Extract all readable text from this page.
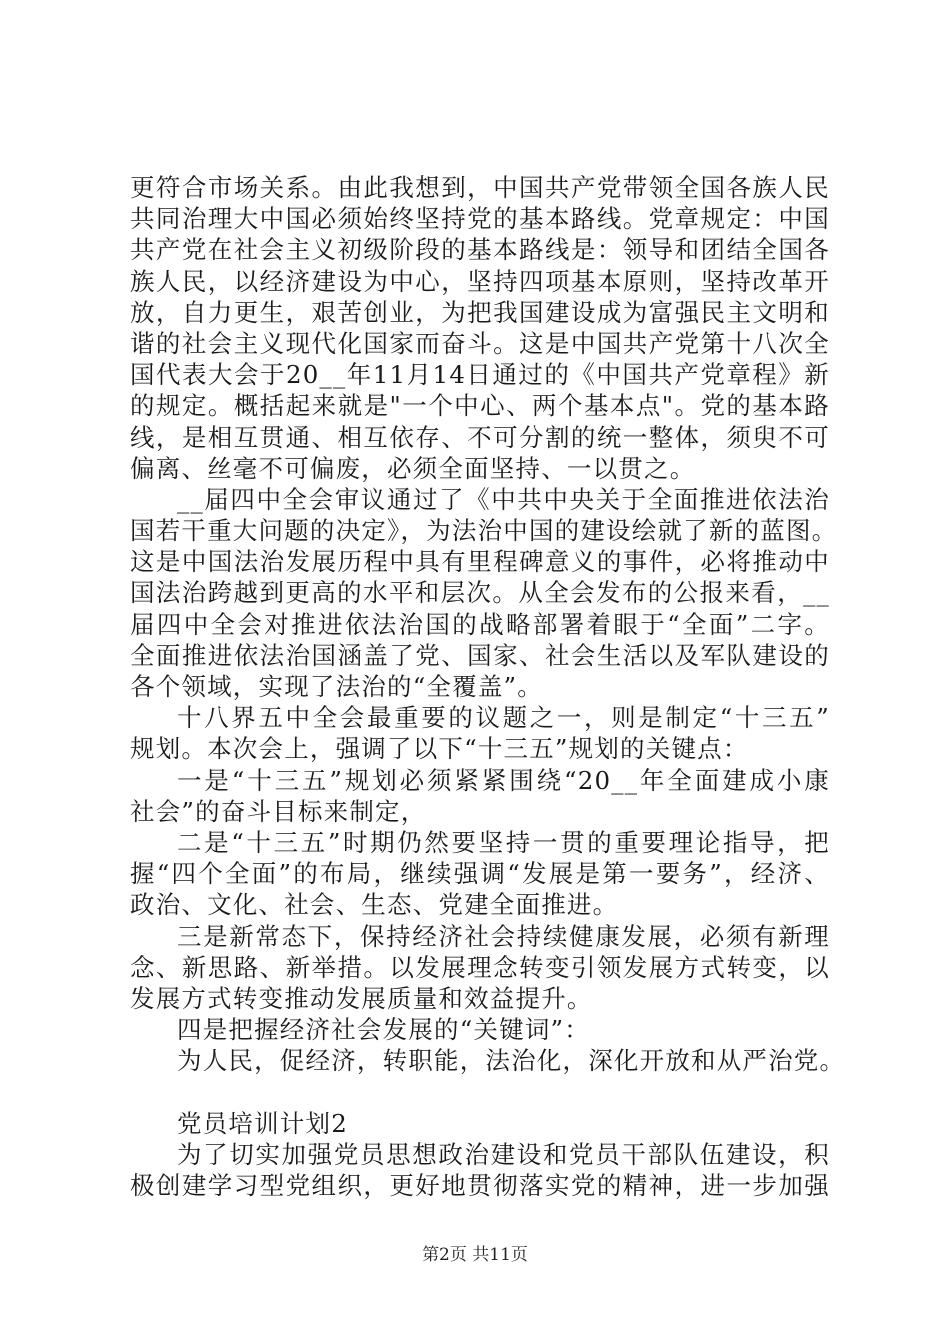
更符合市场关系。由此我想到，中国共产党带领全国各族人民
共同治理大中国必须始终坚持党的基本路线。党章规定：中国
共产党在社会主义初级阶段的基本路线是：领导和团结全国各
族人民，以经济建设为中心，坚持四项基本原则，坚持改革开
放，自力更生，艰苦创业，为把我国建设成为富强民主文明和
谐的社会主义现代化国家而奋斗。这是中国共产党第十八次全
国代表大会于20__年11月14日通过的《中国共产党章程》新
的规定。概括起来就是"一个中心、两个基本点"。党的基本路
线，是相互贯通、相互依存、不可分割的统一整体，须臾不可
偏离、丝毫不可偏废，必须全面坚持、一以贯之。
__届四中全会审议通过了《中共中央关于全面推进依法治
国若干重大问题的决定》，为法治中国的建设绘就了新的蓝图。
这是中国法治发展历程中具有里程碑意义的事件，必将推动中
国法治跨越到更高的水平和层次。从全会发布的公报来看，__
届四中全会对推进依法治国的战略部署着眼于“全面”二字。
全面推进依法治国涵盖了党、国家、社会生活以及军队建设的
各个领域，实现了法治的“全覆盖”。
十八界五中全会最重要的议题之一，则是制定“十三五”
规划。本次会上，强调了以下“十三五”规划的关键点：
一是“十三五”规划必须紧紧围绕“20__年全面建成小康
社会”的奋斗目标来制定，
二是“十三五”时期仍然要坚持一贯的重要理论指导，把
握“四个全面”的布局，继续强调“发展是第一要务”，经济、
政治、文化、社会、生态、党建全面推进。
三是新常态下，保持经济社会持续健康发展，必须有新理
念、新思路、新举措。以发展理念转变引领发展方式转变，以
发展方式转变推动发展质量和效益提升。
四是把握经济社会发展的“关键词”：
为人民，促经济，转职能，法治化，深化开放和从严治党。
党员培训计划2
为了切实加强党员思想政治建设和党员干部队伍建设，积
极创建学习型党组织，更好地贯彻落实党的精神，进一步加强
第2页 共11页
